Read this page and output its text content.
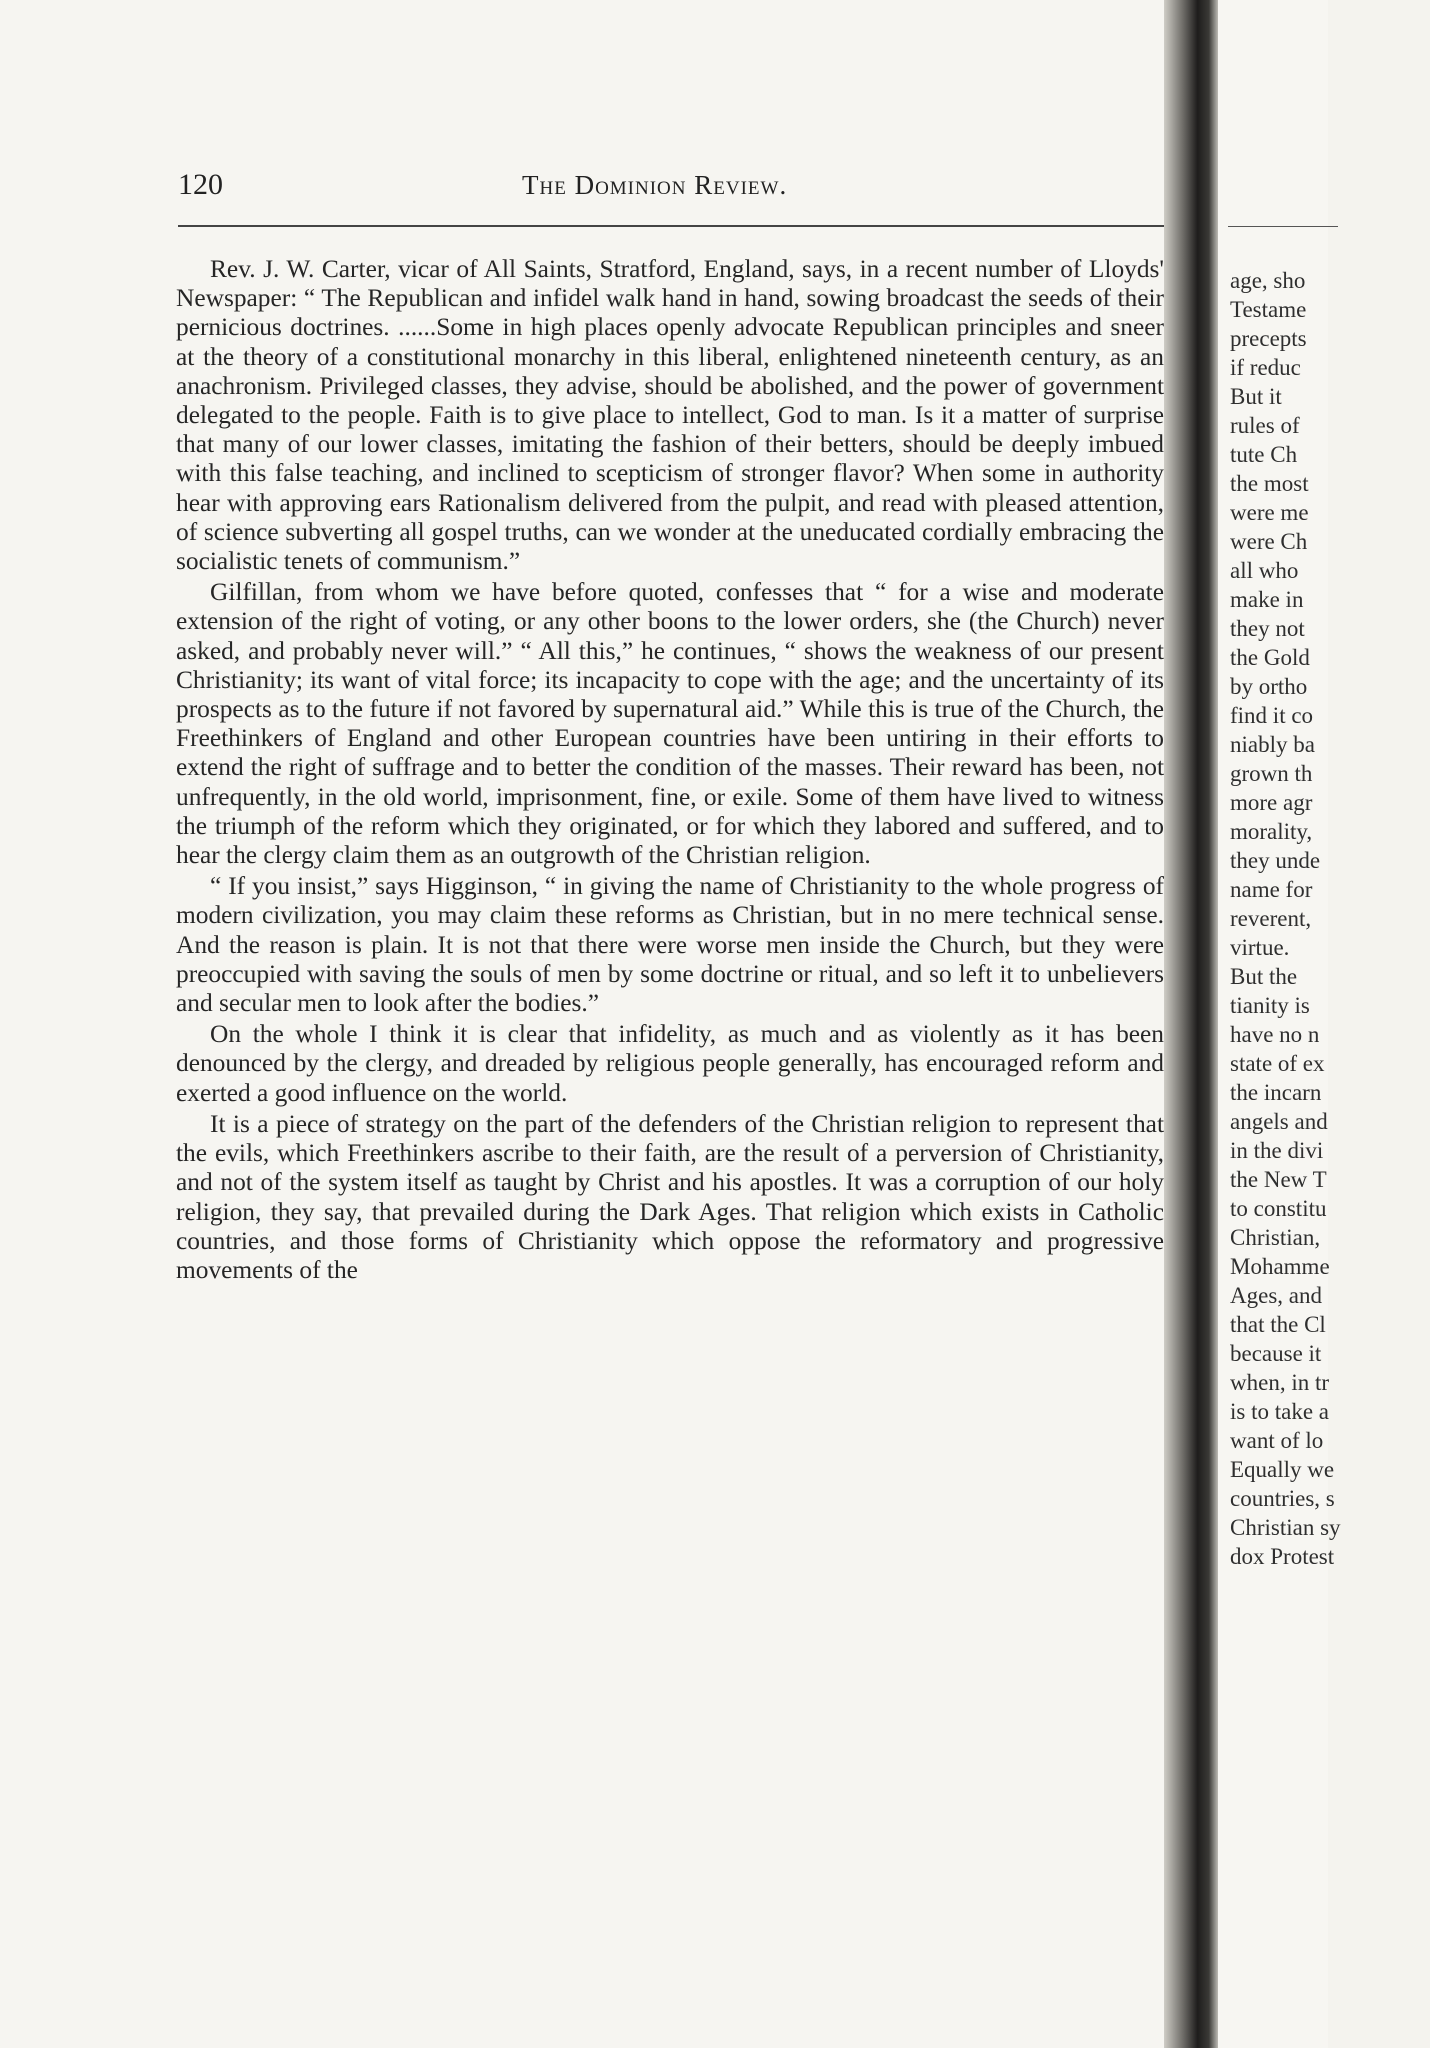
120	The Dominion Review.

Rev. J. W. Carter, vicar of All Saints, Stratford, England, says, in a recent number of Lloyds' Newspaper: “ The Republican and infidel walk hand in hand, sowing broadcast the seeds of their pernicious doctrines. ......Some in high places openly advocate Republican principles and sneer at the theory of a constitutional monarchy in this liberal, enlightened nineteenth century, as an anachronism. Privileged classes, they advise, should be abolished, and the power of government delegated to the people. Faith is to give place to intellect, God to man. Is it a matter of surprise that many of our lower classes, imitating the fashion of their betters, should be deeply imbued with this false teaching, and inclined to scepticism of stronger flavor? When some in authority hear with approving ears Rationalism delivered from the pulpit, and read with pleased attention, of science subverting all gospel truths, can we wonder at the uneducated cordially embracing the socialistic tenets of communism.”

Gilfillan, from whom we have before quoted, confesses that “ for a wise and moderate extension of the right of voting, or any other boons to the lower orders, she (the Church) never asked, and probably never will.” “ All this,” he continues, “ shows the weakness of our present Christianity; its want of vital force; its incapacity to cope with the age; and the uncertainty of its prospects as to the future if not favored by supernatural aid.” While this is true of the Church, the Freethinkers of England and other European countries have been untiring in their efforts to extend the right of suffrage and to better the condition of the masses. Their reward has been, not unfrequently, in the old world, imprisonment, fine, or exile. Some of them have lived to witness the triumph of the reform which they originated, or for which they labored and suffered, and to hear the clergy claim them as an outgrowth of the Christian religion.

“ If you insist,” says Higginson, “ in giving the name of Christianity to the whole progress of modern civilization, you may claim these reforms as Christian, but in no mere technical sense. And the reason is plain. It is not that there were worse men inside the Church, but they were preoccupied with saving the souls of men by some doctrine or ritual, and so left it to unbelievers and secular men to look after the bodies.”

On the whole I think it is clear that infidelity, as much and as violently as it has been denounced by the clergy, and dreaded by religious people generally, has encouraged reform and exerted a good influence on the world.

It is a piece of strategy on the part of the defenders of the Christian religion to represent that the evils, which Freethinkers ascribe to their faith, are the result of a perversion of Christianity, and not of the system itself as taught by Christ and his apostles. It was a corruption of our holy religion, they say, that prevailed during the Dark Ages. That religion which exists in Catholic countries, and those forms of Christianity which oppose the reformatory and progressive movements of the

age, sho
Testame
precepts
if reduc
But it
rules of
tute Ch
the most
were me
were Ch
all who
make in
they not
the Gold
by ortho
find it co
niably ba
grown th
more agr
morality,
they unde
name for
reverent,
virtue.
But the
tianity is
have no n
state of ex
the incarn
angels and
in the divi
the New T
to constitu
Christian,
Mohamme
Ages, and
that the Cl
because it
when, in tr
is to take a
want of lo
Equally we
countries, s
Christian sy
dox Protest
